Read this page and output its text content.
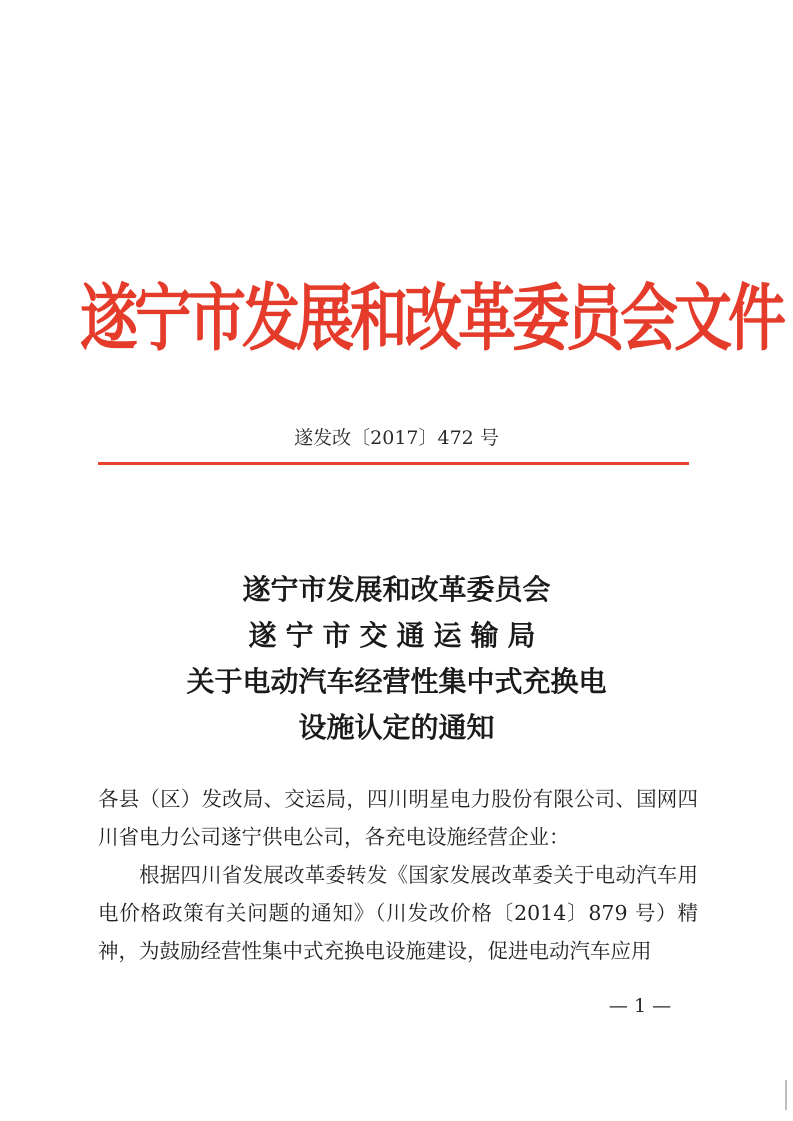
遂宁市发展和改革委员会文件
遂发改〔2017〕472 号
遂宁市发展和改革委员会
遂宁市交通运输局
关于电动汽车经营性集中式充换电
设施认定的通知

各县（区）发改局、交运局，四川明星电力股份有限公司、国网四川省电力公司遂宁供电公司，各充电设施经营企业：

根据四川省发展改革委转发《国家发展改革委关于电动汽车用电价格政策有关问题的通知》（川发改价格〔2014〕879 号）精神，为鼓励经营性集中式充换电设施建设，促进电动汽车应用

— 1 —
